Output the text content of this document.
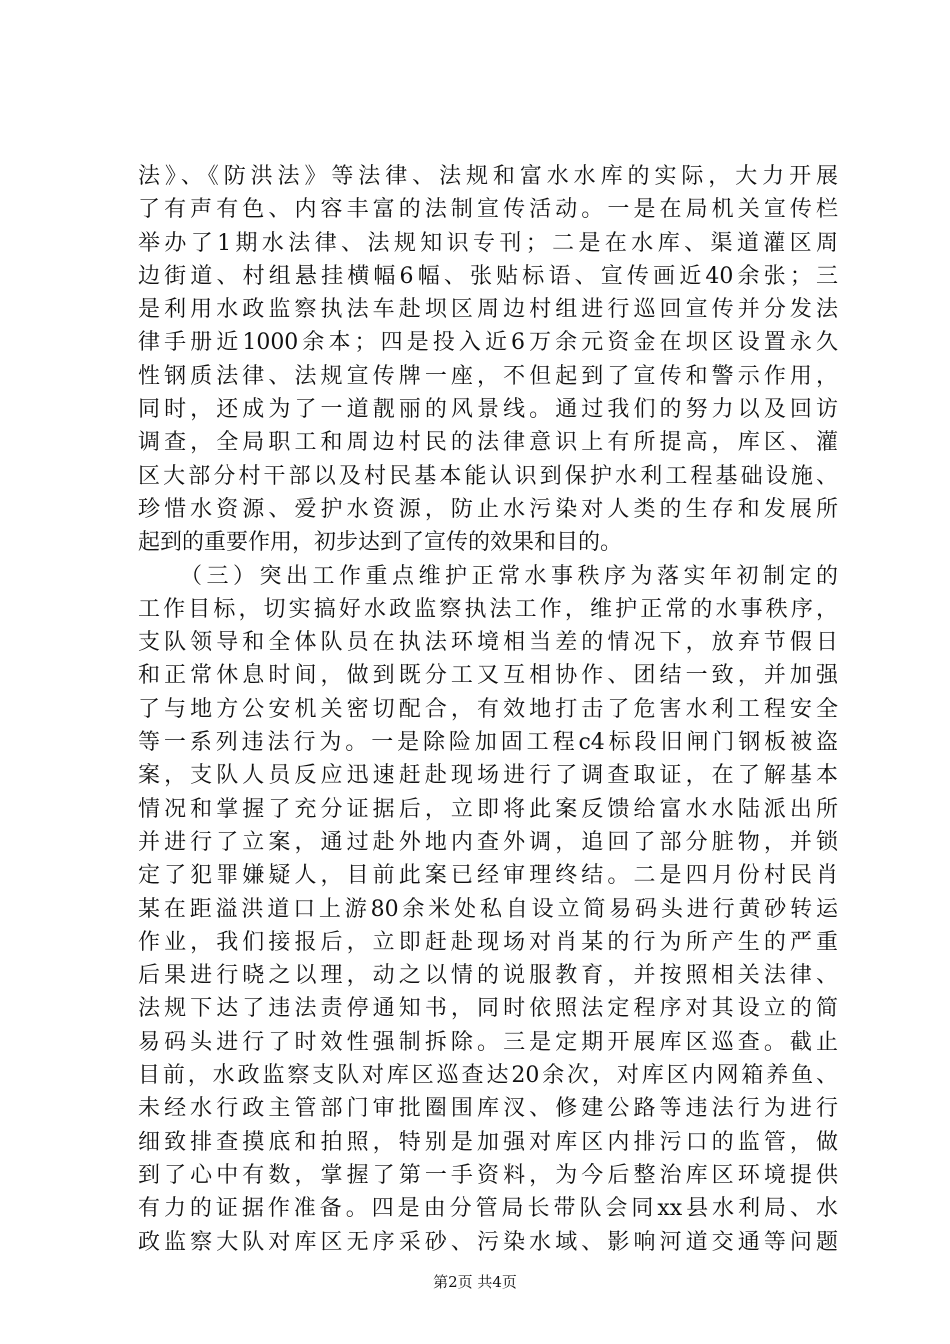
法》、《防洪法》等法律、法规和富水水库的实际，大力开展
了有声有色、内容丰富的法制宣传活动。一是在局机关宣传栏
举办了1期水法律、法规知识专刊；二是在水库、渠道灌区周
边街道、村组悬挂横幅6幅、张贴标语、宣传画近40余张；三
是利用水政监察执法车赴坝区周边村组进行巡回宣传并分发法
律手册近1000余本；四是投入近6万余元资金在坝区设置永久
性钢质法律、法规宣传牌一座，不但起到了宣传和警示作用，
同时，还成为了一道靓丽的风景线。通过我们的努力以及回访
调查，全局职工和周边村民的法律意识上有所提高，库区、灌
区大部分村干部以及村民基本能认识到保护水利工程基础设施、
珍惜水资源、爱护水资源，防止水污染对人类的生存和发展所
起到的重要作用，初步达到了宣传的效果和目的。
　　（三）突出工作重点维护正常水事秩序为落实年初制定的
工作目标，切实搞好水政监察执法工作，维护正常的水事秩序，
支队领导和全体队员在执法环境相当差的情况下，放弃节假日
和正常休息时间，做到既分工又互相协作、团结一致，并加强
了与地方公安机关密切配合，有效地打击了危害水利工程安全
等一系列违法行为。一是除险加固工程c4标段旧闸门钢板被盗
案，支队人员反应迅速赶赴现场进行了调查取证，在了解基本
情况和掌握了充分证据后，立即将此案反馈给富水水陆派出所
并进行了立案，通过赴外地内查外调，追回了部分脏物，并锁
定了犯罪嫌疑人，目前此案已经审理终结。二是四月份村民肖
某在距溢洪道口上游80余米处私自设立简易码头进行黄砂转运
作业，我们接报后，立即赶赴现场对肖某的行为所产生的严重
后果进行晓之以理，动之以情的说服教育，并按照相关法律、
法规下达了违法责停通知书，同时依照法定程序对其设立的简
易码头进行了时效性强制拆除。三是定期开展库区巡查。截止
目前，水政监察支队对库区巡查达20余次，对库区内网箱养鱼、
未经水行政主管部门审批圈围库汊、修建公路等违法行为进行
细致排查摸底和拍照，特别是加强对库区内排污口的监管，做
到了心中有数，掌握了第一手资料，为今后整治库区环境提供
有力的证据作准备。四是由分管局长带队会同xx县水利局、水
政监察大队对库区无序采砂、污染水域、影响河道交通等问题
第2页 共4页
